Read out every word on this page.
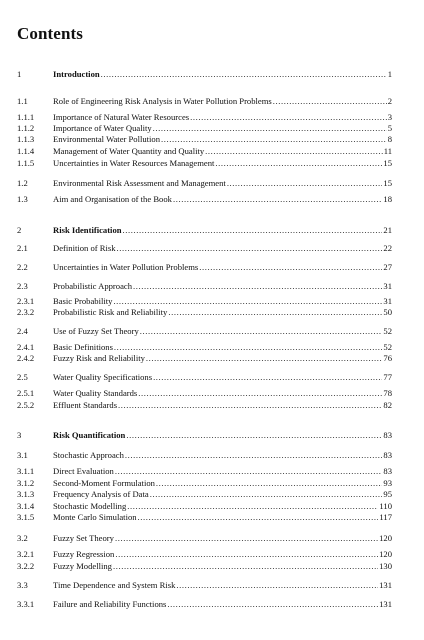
Contents
1	Introduction .....	1
1.1	Role of Engineering Risk Analysis in Water Pollution Problems .....	2
1.1.1	Importance of Natural Water Resources .....	3
1.1.2	Importance of Water Quality .....	5
1.1.3	Environmental Water Pollution .....	8
1.1.4	Management of Water Quantity and Quality .....	11
1.1.5	Uncertainties in Water Resources Management .....	15
1.2	Environmental Risk Assessment and Management .....	15
1.3	Aim and Organisation of the Book .....	18
2	Risk Identification .....	21
2.1	Definition of Risk .....	22
2.2	Uncertainties in Water Pollution Problems .....	27
2.3	Probabilistic Approach .....	31
2.3.1	Basic Probability .....	31
2.3.2	Probabilistic Risk and Reliability .....	50
2.4	Use of Fuzzy Set Theory .....	52
2.4.1	Basic Definitions .....	52
2.4.2	Fuzzy Risk and Reliability .....	76
2.5	Water Quality Specifications .....	77
2.5.1	Water Quality Standards .....	78
2.5.2	Effluent Standards .....	82
3	Risk Quantification .....	83
3.1	Stochastic Approach .....	83
3.1.1	Direct Evaluation .....	83
3.1.2	Second-Moment Formulation .....	93
3.1.3	Frequency Analysis of Data .....	95
3.1.4	Stochastic Modelling .....	110
3.1.5	Monte Carlo Simulation .....	117
3.2	Fuzzy Set Theory .....	120
3.2.1	Fuzzy Regression .....	120
3.2.2	Fuzzy Modelling .....	130
3.3	Time Dependence and System Risk .....	131
3.3.1	Failure and Reliability Functions .....	131
